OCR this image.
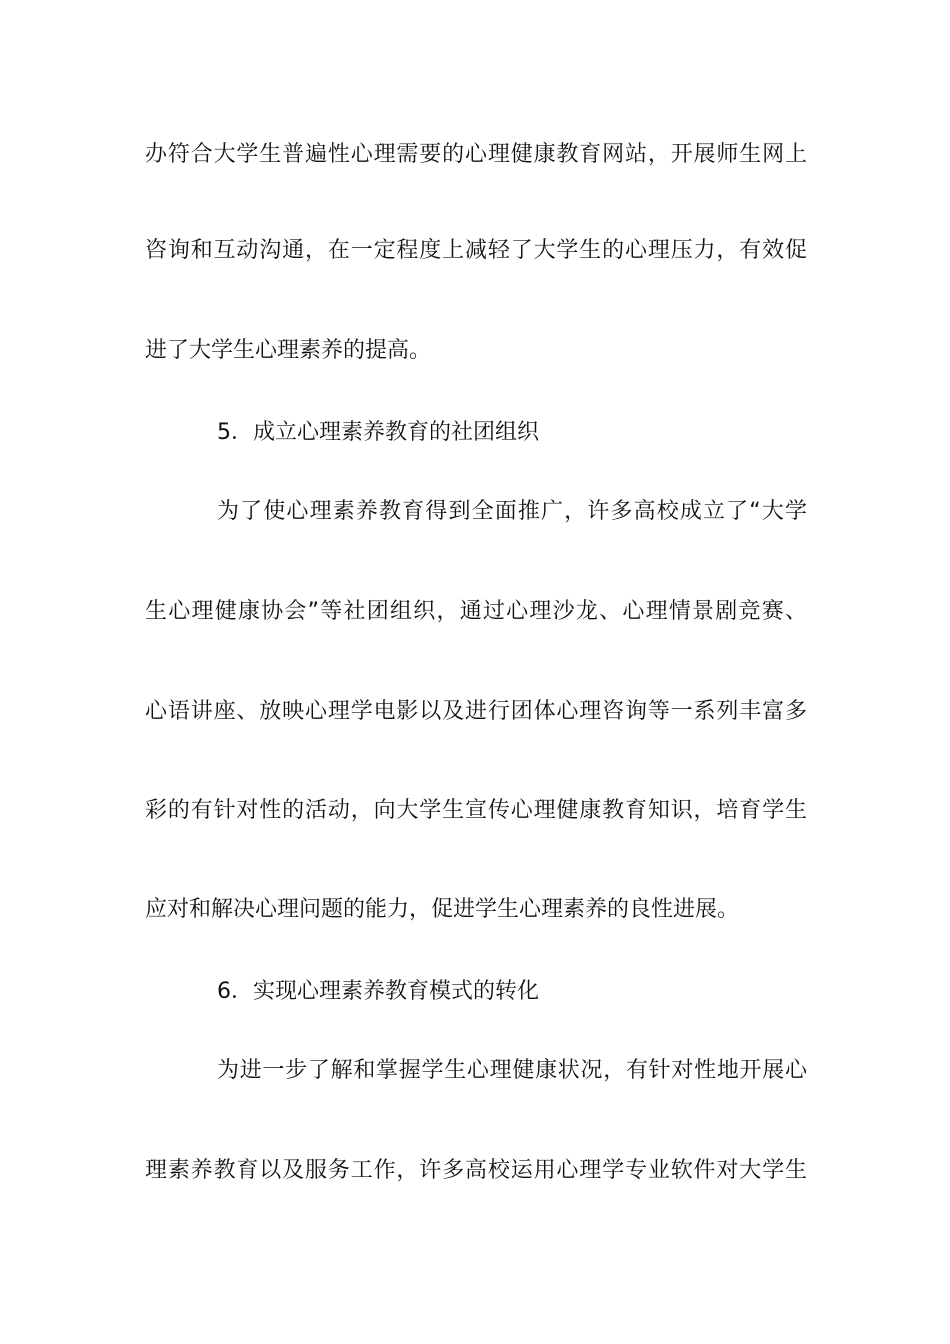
办符合大学生普遍性心理需要的心理健康教育网站，开展师生网上
咨询和互动沟通，在一定程度上减轻了大学生的心理压力，有效促
进了大学生心理素养的提高。
5．成立心理素养教育的社团组织
为了使心理素养教育得到全面推广，许多高校成立了“大学
生心理健康协会”等社团组织，通过心理沙龙、心理情景剧竞赛、
心语讲座、放映心理学电影以及进行团体心理咨询等一系列丰富多
彩的有针对性的活动，向大学生宣传心理健康教育知识，培育学生
应对和解决心理问题的能力，促进学生心理素养的良性进展。
6．实现心理素养教育模式的转化
为进一步了解和掌握学生心理健康状况，有针对性地开展心
理素养教育以及服务工作，许多高校运用心理学专业软件对大学生
